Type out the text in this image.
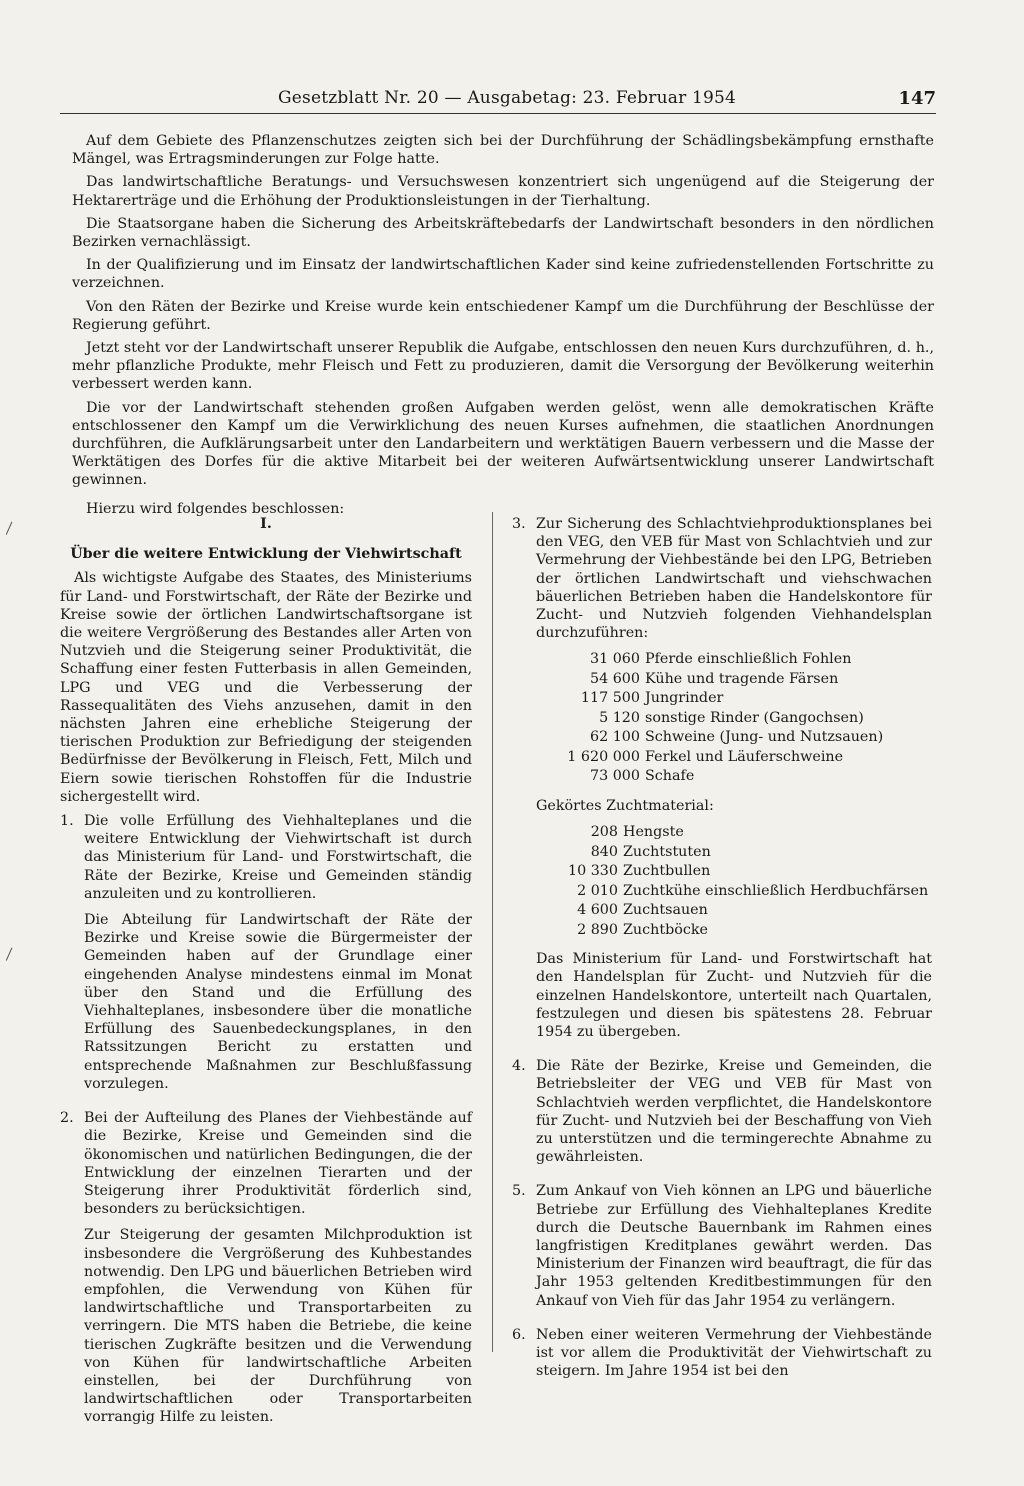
Gesetzblatt Nr. 20 — Ausgabetag: 23. Februar 1954	147

Auf dem Gebiete des Pflanzenschutzes zeigten sich bei der Durchführung der Schädlingsbekämpfung ernsthafte Mängel, was Ertragsminderungen zur Folge hatte.

Das landwirtschaftliche Beratungs- und Versuchswesen konzentriert sich ungenügend auf die Steigerung der Hektarerträge und die Erhöhung der Produktionsleistungen in der Tierhaltung.

Die Staatsorgane haben die Sicherung des Arbeitskräftebedarfs der Landwirtschaft besonders in den nördlichen Bezirken vernachlässigt.

In der Qualifizierung und im Einsatz der landwirtschaftlichen Kader sind keine zufriedenstellenden Fortschritte zu verzeichnen.

Von den Räten der Bezirke und Kreise wurde kein entschiedener Kampf um die Durchführung der Beschlüsse der Regierung geführt.

Jetzt steht vor der Landwirtschaft unserer Republik die Aufgabe, entschlossen den neuen Kurs durchzuführen, d. h., mehr pflanzliche Produkte, mehr Fleisch und Fett zu produzieren, damit die Versorgung der Bevölkerung weiterhin verbessert werden kann.

Die vor der Landwirtschaft stehenden großen Aufgaben werden gelöst, wenn alle demokratischen Kräfte entschlossener den Kampf um die Verwirklichung des neuen Kurses aufnehmen, die staatlichen Anordnungen durchführen, die Aufklärungsarbeit unter den Landarbeitern und werktätigen Bauern verbessern und die Masse der Werktätigen des Dorfes für die aktive Mitarbeit bei der weiteren Aufwärtsentwicklung unserer Landwirtschaft gewinnen.

Hierzu wird folgendes beschlossen:

I.
Über die weitere Entwicklung der Viehwirtschaft

Als wichtigste Aufgabe des Staates, des Ministeriums für Land- und Forstwirtschaft, der Räte der Bezirke und Kreise sowie der örtlichen Landwirtschaftsorgane ist die weitere Vergrößerung des Bestandes aller Arten von Nutzvieh und die Steigerung seiner Produktivität, die Schaffung einer festen Futterbasis in allen Gemeinden, LPG und VEG und die Verbesserung der Rassequalitäten des Viehs anzusehen, damit in den nächsten Jahren eine erhebliche Steigerung der tierischen Produktion zur Befriedigung der steigenden Bedürfnisse der Bevölkerung in Fleisch, Fett, Milch und Eiern sowie tierischen Rohstoffen für die Industrie sichergestellt wird.

1. Die volle Erfüllung des Viehhalteplanes und die weitere Entwicklung der Viehwirtschaft ist durch das Ministerium für Land- und Forstwirtschaft, die Räte der Bezirke, Kreise und Gemeinden ständig anzuleiten und zu kontrollieren.

Die Abteilung für Landwirtschaft der Räte der Bezirke und Kreise sowie die Bürgermeister der Gemeinden haben auf der Grundlage einer eingehenden Analyse mindestens einmal im Monat über den Stand und die Erfüllung des Viehhalteplanes, insbesondere über die monatliche Erfüllung des Sauenbedeckungsplanes, in den Ratssitzungen Bericht zu erstatten und entsprechende Maßnahmen zur Beschlußfassung vorzulegen.

2. Bei der Aufteilung des Planes der Viehbestände auf die Bezirke, Kreise und Gemeinden sind die ökonomischen und natürlichen Bedingungen, die der Entwicklung der einzelnen Tierarten und der Steigerung ihrer Produktivität förderlich sind, besonders zu berücksichtigen.

Zur Steigerung der gesamten Milchproduktion ist insbesondere die Vergrößerung des Kuhbestandes notwendig. Den LPG und bäuerlichen Betrieben wird empfohlen, die Verwendung von Kühen für landwirtschaftliche und Transportarbeiten zu verringern. Die MTS haben die Betriebe, die keine tierischen Zugkräfte besitzen und die Verwendung von Kühen für landwirtschaftliche Arbeiten einstellen, bei der Durchführung von landwirtschaftlichen oder Transportarbeiten vorrangig Hilfe zu leisten.

3. Zur Sicherung des Schlachtviehproduktionsplanes bei den VEG, den VEB für Mast von Schlachtvieh und zur Vermehrung der Viehbestände bei den LPG, Betrieben der örtlichen Landwirtschaft und viehschwachen bäuerlichen Betrieben haben die Handelskontore für Zucht- und Nutzvieh folgenden Viehhandelsplan durchzuführen:

31 060 Pferde einschließlich Fohlen
54 600 Kühe und tragende Färsen
117 500 Jungrinder
5 120 sonstige Rinder (Gangochsen)
62 100 Schweine (Jung- und Nutzsauen)
1 620 000 Ferkel und Läuferschweine
73 000 Schafe

Gekörtes Zuchtmaterial:

208 Hengste
840 Zuchtstuten
10 330 Zuchtbullen
2 010 Zuchtkühe einschließlich Herdbuchfärsen
4 600 Zuchtsauen
2 890 Zuchtböcke

Das Ministerium für Land- und Forstwirtschaft hat den Handelsplan für Zucht- und Nutzvieh für die einzelnen Handelskontore, unterteilt nach Quartalen, festzulegen und diesen bis spätestens 28. Februar 1954 zu übergeben.

4. Die Räte der Bezirke, Kreise und Gemeinden, die Betriebsleiter der VEG und VEB für Mast von Schlachtvieh werden verpflichtet, die Handelskontore für Zucht- und Nutzvieh bei der Beschaffung von Vieh zu unterstützen und die termingerechte Abnahme zu gewährleisten.

5. Zum Ankauf von Vieh können an LPG und bäuerliche Betriebe zur Erfüllung des Viehhalteplanes Kredite durch die Deutsche Bauernbank im Rahmen eines langfristigen Kreditplanes gewährt werden. Das Ministerium der Finanzen wird beauftragt, die für das Jahr 1953 geltenden Kreditbestimmungen für den Ankauf von Vieh für das Jahr 1954 zu verlängern.

6. Neben einer weiteren Vermehrung der Viehbestände ist vor allem die Produktivität der Viehwirtschaft zu steigern. Im Jahre 1954 ist bei den
